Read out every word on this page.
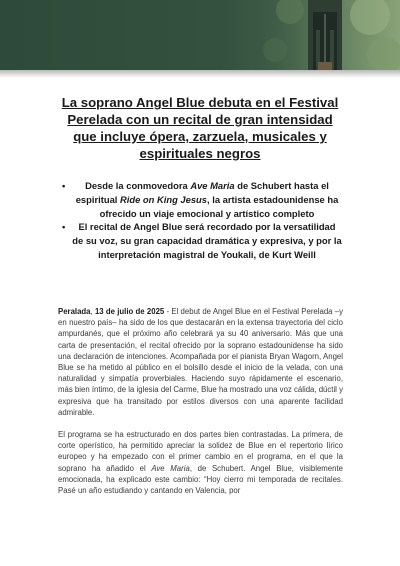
La soprano Angel Blue debuta en el Festival Perelada con un recital de gran intensidad que incluye ópera, zarzuela, musicales y espirituales negros
• Desde la conmovedora Ave Maria de Schubert hasta el espiritual Ride on King Jesus, la artista estadounidense ha ofrecido un viaje emocional y artístico completo
• El recital de Angel Blue será recordado por la versatilidad de su voz, su gran capacidad dramática y expresiva, y por la interpretación magistral de Youkali, de Kurt Weill

Peralada, 13 de julio de 2025 - El debut de Angel Blue en el Festival Perelada –y en nuestro país– ha sido de los que destacarán en la extensa trayectoria del ciclo ampurdanés, que el próximo año celebrará ya su 40 aniversario. Más que una carta de presentación, el recital ofrecido por la soprano estadounidense ha sido una declaración de intenciones. Acompañada por el pianista Bryan Wagorn, Angel Blue se ha metido al público en el bolsillo desde el inicio de la velada, con una naturalidad y simpatía proverbiales. Haciendo suyo rápidamente el escenario, más bien íntimo, de la iglesia del Carme, Blue ha mostrado una voz cálida, dúctil y expresiva que ha transitado por estilos diversos con una aparente facilidad admirable.

El programa se ha estructurado en dos partes bien contrastadas. La primera, de corte operístico, ha permitido apreciar la solidez de Blue en el repertorio lírico europeo y ha empezado con el primer cambio en el programa, en el que la soprano ha añadido el Ave Maria, de Schubert. Angel Blue, visiblemente emocionada, ha explicado este cambio: “Hoy cierro mi temporada de recitales. Pasé un año estudiando y cantando en Valencia, por
